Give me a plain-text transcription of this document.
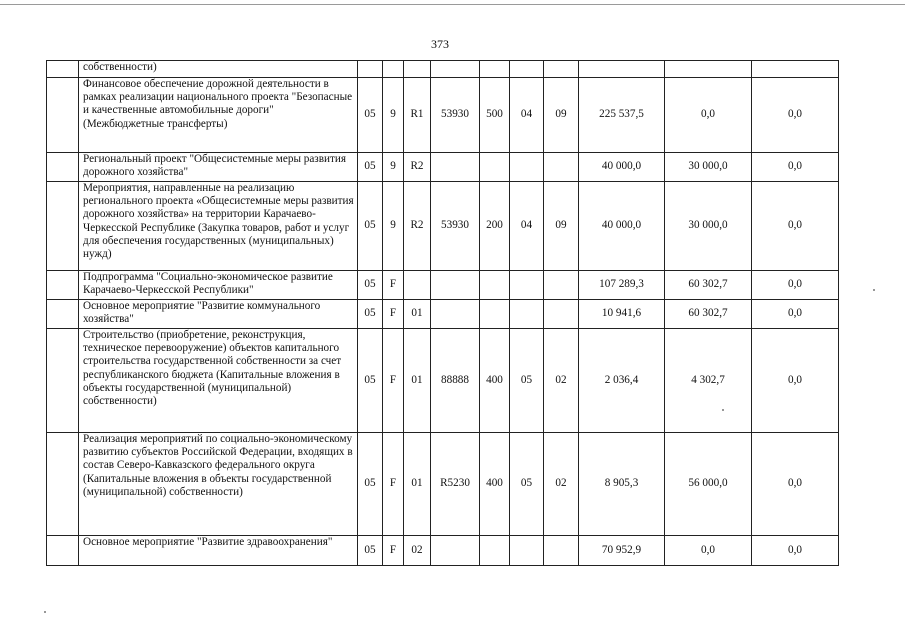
373
	собственности)										
	Финансовое обеспечение дорожной деятельности в рамках реализации национального проекта "Безопасные и качественные автомобильные дороги" (Межбюджетные трансферты)	05	9	R1	53930	500	04	09	225 537,5	0,0	0,0
	Региональный проект "Общесистемные меры развития дорожного хозяйства"	05	9	R2					40 000,0	30 000,0	0,0
	Мероприятия, направленные на реализацию регионального проекта «Общесистемные меры развития дорожного хозяйства» на территории Карачаево-Черкесской Республике (Закупка товаров, работ и услуг для обеспечения государственных (муниципальных) нужд)	05	9	R2	53930	200	04	09	40 000,0	30 000,0	0,0
	Подпрограмма "Социально-экономическое развитие Карачаево-Черкесской Республики"	05	F						107 289,3	60 302,7	0,0
	Основное мероприятие "Развитие коммунального хозяйства"	05	F	01					10 941,6	60 302,7	0,0
	Строительство (приобретение, реконструкция, техническое перевооружение) объектов капитального строительства государственной собственности за счет республиканского бюджета (Капитальные вложения в объекты государственной (муниципальной) собственности)	05	F	01	88888	400	05	02	2 036,4	4 302,7	0,0
	Реализация мероприятий по социально-экономическому развитию субъектов Российской Федерации, входящих в состав Северо-Кавказского федерального округа (Капитальные вложения в объекты государственной (муниципальной) собственности)	05	F	01	R5230	400	05	02	8 905,3	56 000,0	0,0
	Основное мероприятие "Развитие здравоохранения"	05	F	02					70 952,9	0,0	0,0
